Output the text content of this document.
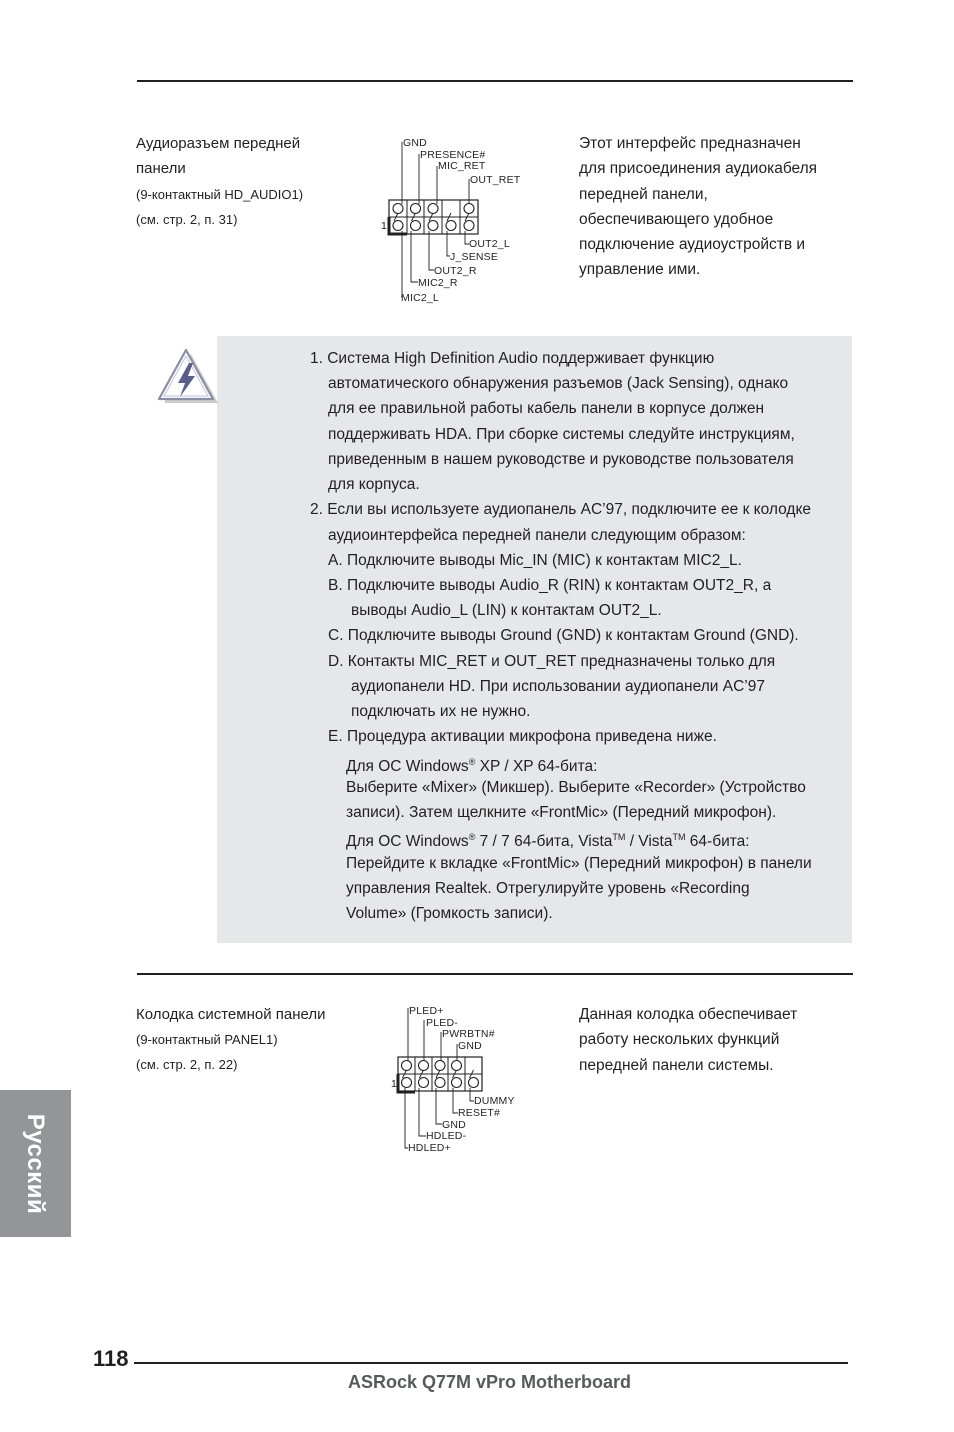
Аудиоразъем передней
панели
(9-контактный HD_AUDIO1)
(см. стр. 2, п. 31)
Этот интерфейс предназначен
для присоединения аудиокабеля
передней панели,
обеспечивающего удобное
подключение аудиоустройств и
управление ими.
1
GND
PRESENCE#
MIC_RET
OUT_RET
OUT2_L
J_SENSE
OUT2_R
MIC2_R
MIC2_L
1. Система High Definition Audio поддерживает функцию
автоматического обнаружения разъемов (Jack Sensing), однако
для ее правильной работы кабель панели в корпусе должен
поддерживать HDA. При сборке системы следуйте инструкциям,
приведенным в нашем руководстве и руководстве пользователя
для корпуса.
2. Если вы используете аудиопанель AC’97, подключите ее к колодке
аудиоинтерфейса передней панели следующим образом:
A. Подключите выводы Mic_IN (MIC) к контактам MIC2_L.
B. Подключите выводы Audio_R (RIN) к контактам OUT2_R, а
выводы Audio_L (LIN) к контактам OUT2_L.
C. Подключите выводы Ground (GND) к контактам Ground (GND).
D. Контакты MIC_RET и OUT_RET предназначены только для
аудиопанели HD. При использовании аудиопанели AC’97
подключать их не нужно.
E. Процедура активации микрофона приведена ниже.
Для ОС Windows® XP / XP 64-бита:
Выберите «Mixer» (Микшер). Выберите «Recorder» (Устройство
записи). Затем щелкните «FrontMic» (Передний микрофон).
Для ОС Windows® 7 / 7 64-бита, Vista™ / Vista™ 64-бита:
Перейдите к вкладке «FrontMic» (Передний микрофон) в панели
управления Realtek. Отрегулируйте уровень «Recording
Volume» (Громкость записи).
Колодка системной панели
(9-контактный PANEL1)
(см. стр. 2, п. 22)
Данная колодка обеспечивает
работу нескольких функций
передней панели системы.
1
PLED+
PLED-
PWRBTN#
GND
DUMMY
RESET#
GND
HDLED-
HDLED+
Русский
118
ASRock Q77M vPro Motherboard
